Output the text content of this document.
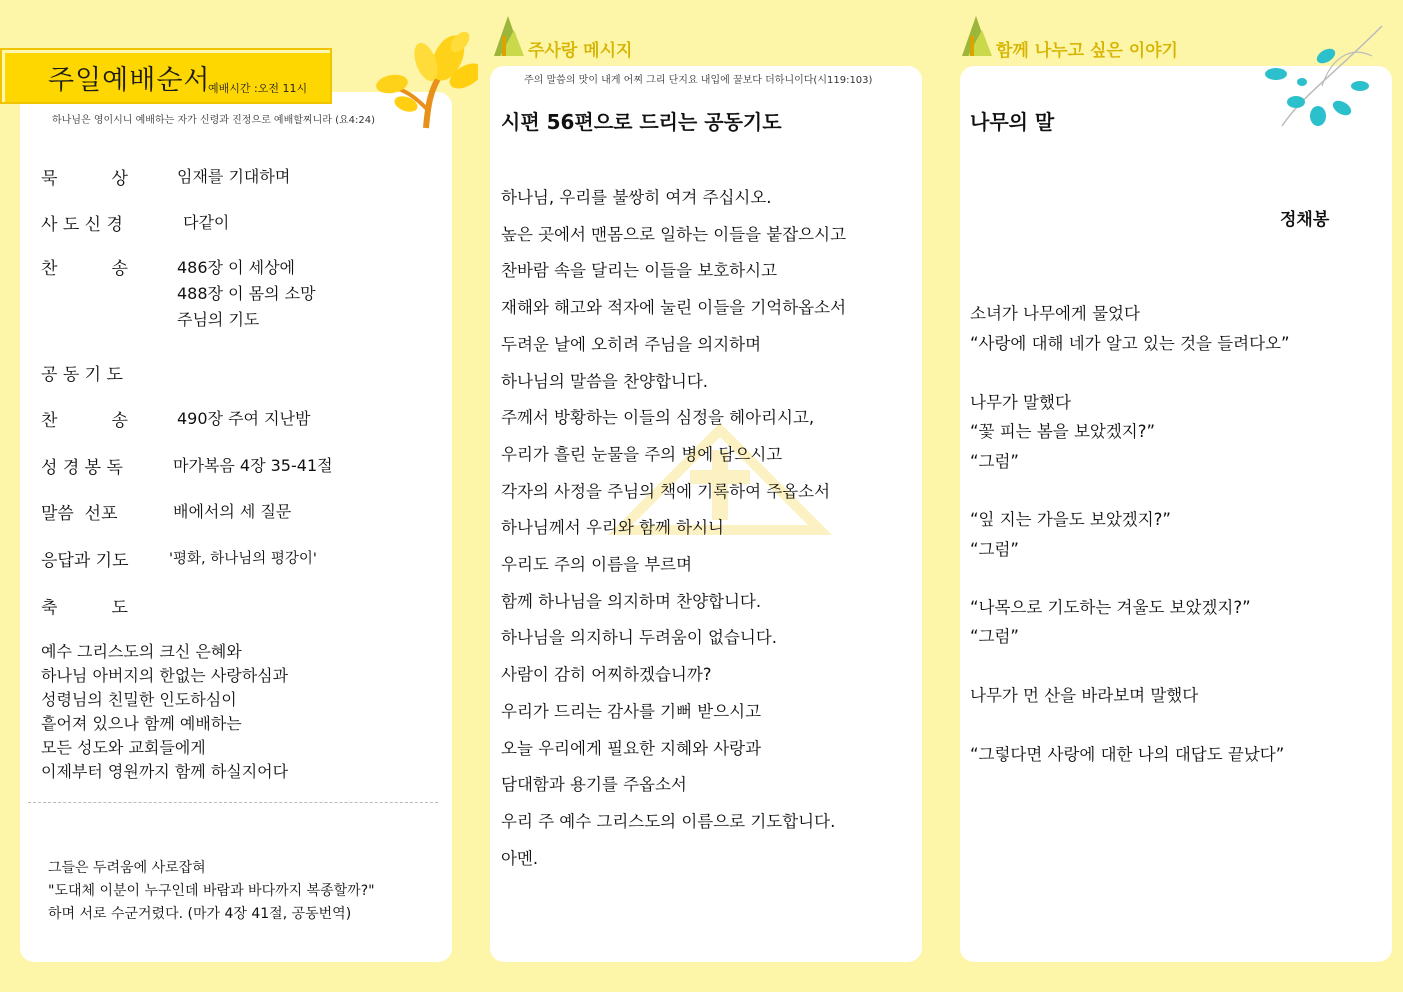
주일예배순서
예배시간 :오전 11시
하나님은 영이시니 예배하는 자가 신령과 진정으로 예배할찌니라 (요4:24)
묵          상	임재를 기대하며
사 도 신 경	다같이
찬          송	486장 이 세상에
488장 이 몸의 소망
주님의 기도
공 동 기 도
찬          송	490장 주여 지난밤
성 경 봉 독	마가복음 4장 35-41절
말씀  선포	배에서의 세 질문
응답과 기도	'평화, 하나님의 평강이'
축          도
예수 그리스도의 크신 은혜와
하나님 아버지의 한없는 사랑하심과
성령님의 친밀한 인도하심이
흩어져 있으나 함께 예배하는
모든 성도와 교회들에게
이제부터 영원까지 함께 하실지어다
그들은 두려움에 사로잡혀
"도대체 이분이 누구인데 바람과 바다까지 복종할까?"
하며 서로 수군거렸다. (마가 4장 41절, 공동번역)
주사랑 메시지
주의 말씀의 맛이 내게 어찌 그리 단지요 내입에 꿀보다 더하니이다(시119:103)
함께 나누고 싶은 이야기
시편 56편으로 드리는 공동기도
하나님, 우리를 불쌍히 여겨 주십시오.
높은 곳에서 맨몸으로 일하는 이들을 붙잡으시고
찬바람 속을 달리는 이들을 보호하시고
재해와 해고와 적자에 눌린 이들을 기억하옵소서
두려운 날에 오히려 주님을 의지하며
하나님의 말씀을 찬양합니다.
주께서 방황하는 이들의 심정을 헤아리시고,
우리가 흘린 눈물을 주의 병에 담으시고
각자의 사정을 주님의 책에 기록하여 주옵소서
하나님께서 우리와 함께 하시니
우리도 주의 이름을 부르며
함께 하나님을 의지하며 찬양합니다.
하나님을 의지하니 두려움이 없습니다.
사람이 감히 어찌하겠습니까?
우리가 드리는 감사를 기뻐 받으시고
오늘 우리에게 필요한 지혜와 사랑과
담대함과 용기를 주옵소서
우리 주 예수 그리스도의 이름으로 기도합니다.
아멘.
나무의 말
정채봉
소녀가 나무에게 물었다
“사랑에 대해 네가 알고 있는 것을 들려다오”
나무가 말했다
“꽃 피는 봄을 보았겠지?”
“그럼”
“잎 지는 가을도 보았겠지?”
“그럼”
“나목으로 기도하는 겨울도 보았겠지?”
“그럼”
나무가 먼 산을 바라보며 말했다
“그렇다면 사랑에 대한 나의 대답도 끝났다”
